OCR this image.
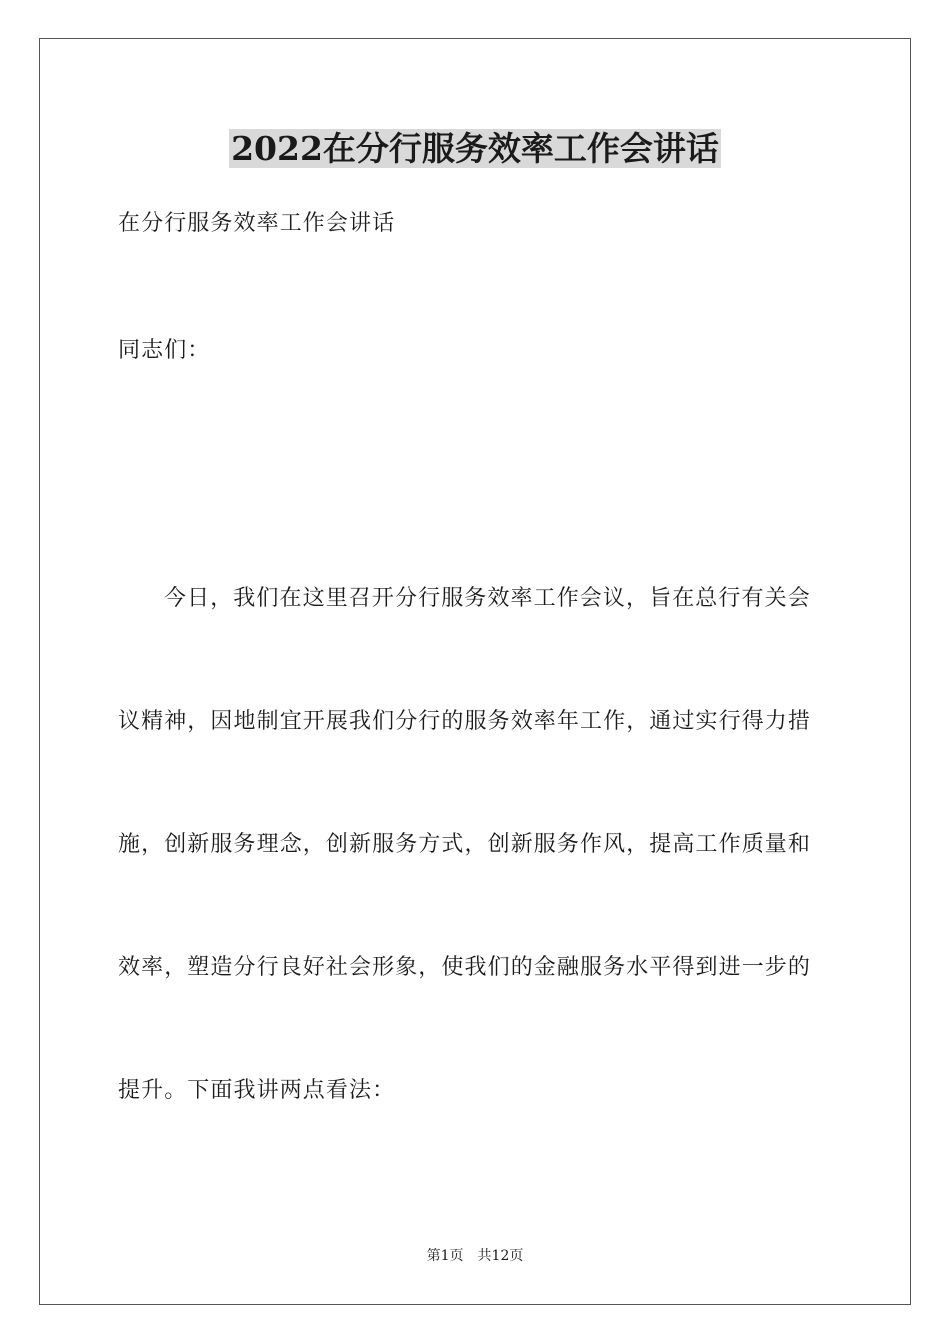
2022在分行服务效率工作会讲话
在分行服务效率工作会讲话
同志们：
今日，我们在这里召开分行服务效率工作会议，旨在总行有关会
议精神，因地制宜开展我们分行的服务效率年工作，通过实行得力措
施，创新服务理念，创新服务方式，创新服务作风，提高工作质量和
效率，塑造分行良好社会形象，使我们的金融服务水平得到进一步的
提升。下面我讲两点看法：
第1页 共12页
